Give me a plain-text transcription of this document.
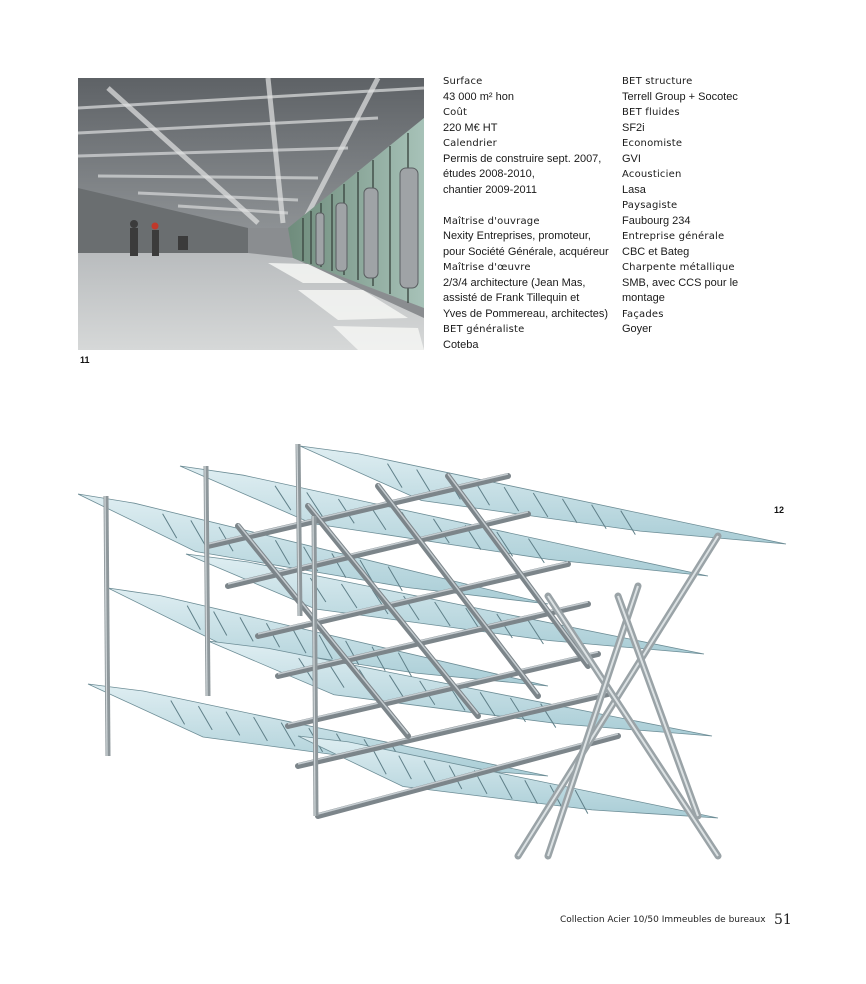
11
Surface
43 000 m² hon
Coût
220 M€ HT
Calendrier
Permis de construire sept. 2007,
études 2008-2010,
chantier 2009-2011
Maîtrise d'ouvrage
Nexity Entreprises, promoteur,
pour Société Générale, acquéreur
Maîtrise d'œuvre
2/3/4 architecture (Jean Mas,
assisté de Frank Tillequin et
Yves de Pommereau, architectes)
BET généraliste
Coteba
BET structure
Terrell Group + Socotec
BET fluides
SF2i
Economiste
GVI
Acousticien
Lasa
Paysagiste
Faubourg 234
Entreprise générale
CBC et Bateg
Charpente métallique
SMB, avec CCS pour le
montage
Façades
Goyer
12
Collection Acier 10/50 Immeubles de bureaux 51
